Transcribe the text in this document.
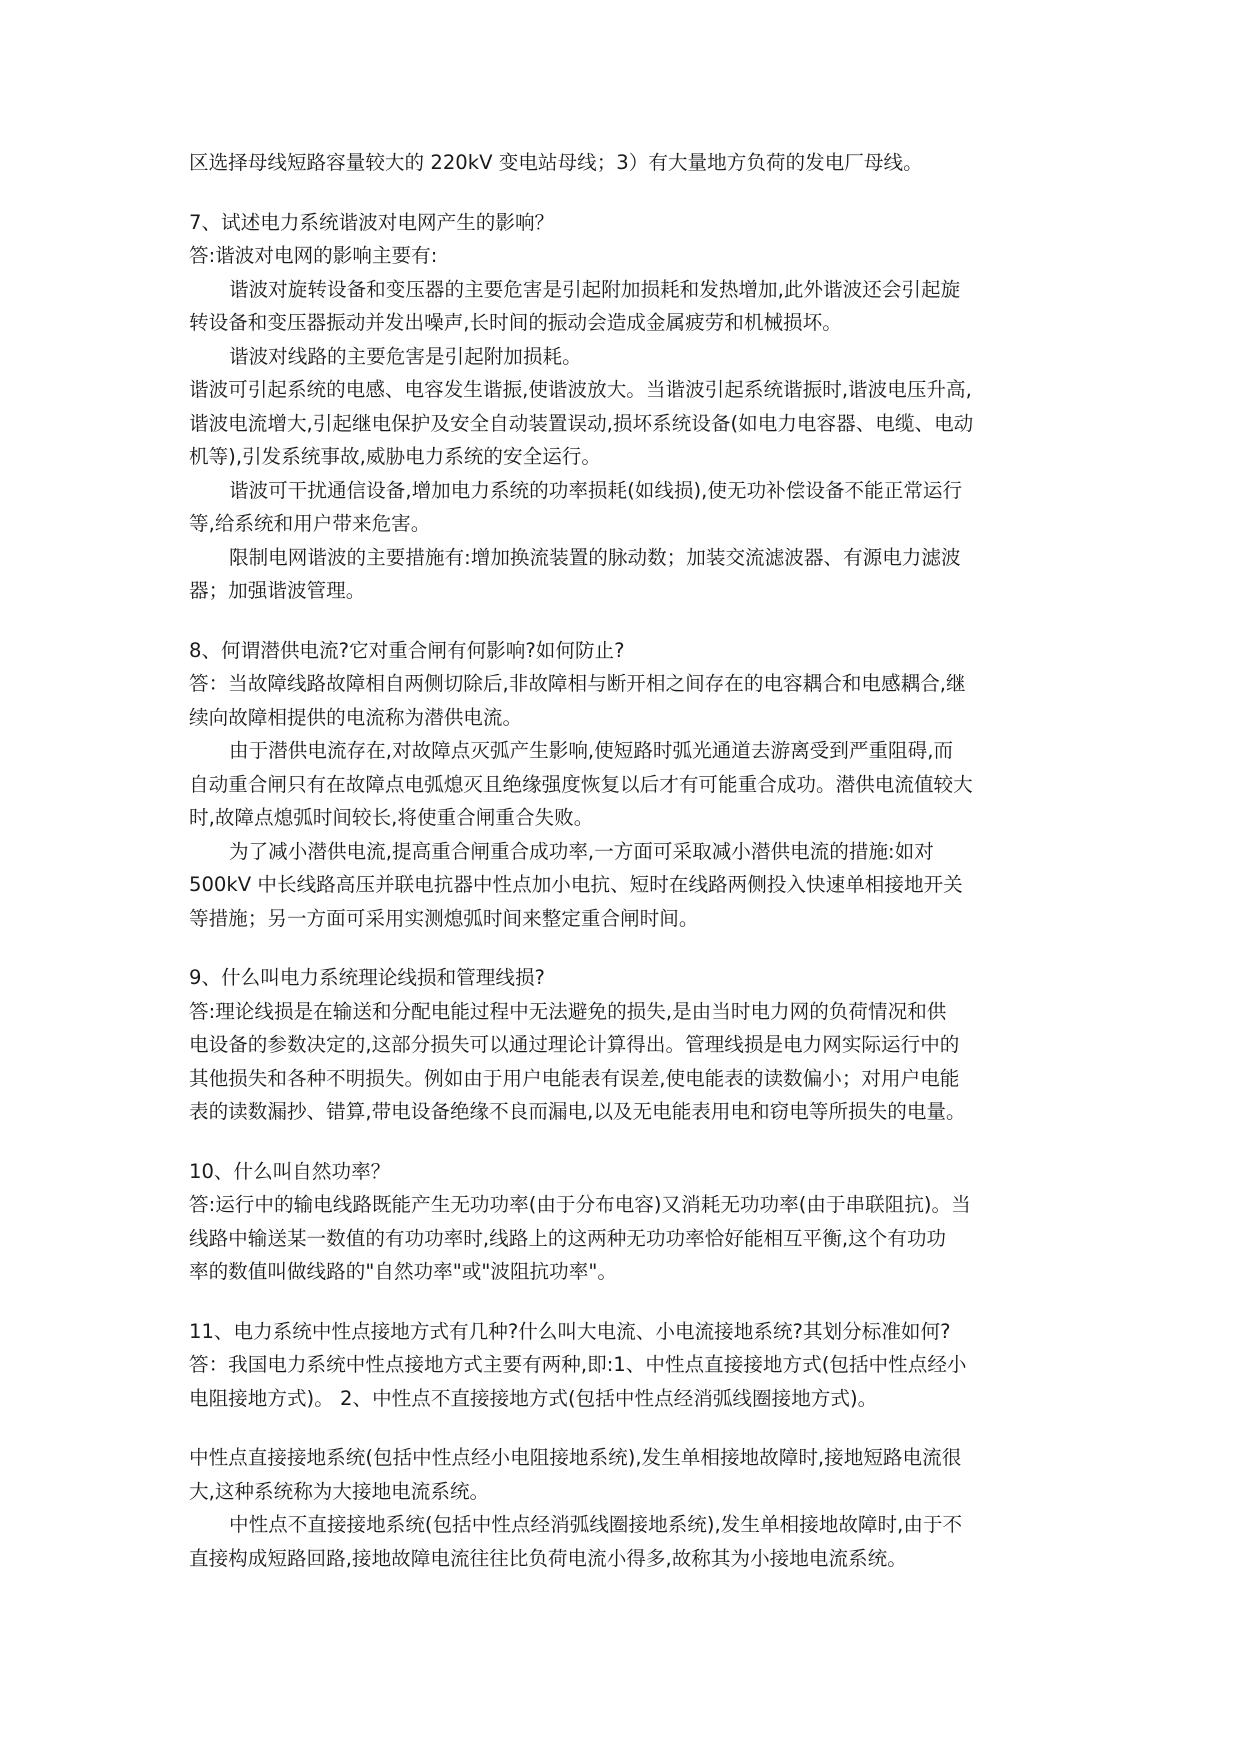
区选择母线短路容量较大的 220kV 变电站母线；3）有大量地方负荷的发电厂母线。
7、试述电力系统谐波对电网产生的影响？
答:谐波对电网的影响主要有:
谐波对旋转设备和变压器的主要危害是引起附加损耗和发热增加,此外谐波还会引起旋
转设备和变压器振动并发出噪声,长时间的振动会造成金属疲劳和机械损坏。
谐波对线路的主要危害是引起附加损耗。
谐波可引起系统的电感、电容发生谐振,使谐波放大。当谐波引起系统谐振时,谐波电压升高,
谐波电流增大,引起继电保护及安全自动装置误动,损坏系统设备(如电力电容器、电缆、电动
机等),引发系统事故,威胁电力系统的安全运行。
谐波可干扰通信设备,增加电力系统的功率损耗(如线损),使无功补偿设备不能正常运行
等,给系统和用户带来危害。
限制电网谐波的主要措施有:增加换流装置的脉动数；加装交流滤波器、有源电力滤波
器；加强谐波管理。
8、何谓潜供电流?它对重合闸有何影响?如何防止?
答：当故障线路故障相自两侧切除后,非故障相与断开相之间存在的电容耦合和电感耦合,继
续向故障相提供的电流称为潜供电流。
由于潜供电流存在,对故障点灭弧产生影响,使短路时弧光通道去游离受到严重阻碍,而
自动重合闸只有在故障点电弧熄灭且绝缘强度恢复以后才有可能重合成功。潜供电流值较大
时,故障点熄弧时间较长,将使重合闸重合失败。
为了减小潜供电流,提高重合闸重合成功率,一方面可采取减小潜供电流的措施:如对
500kV 中长线路高压并联电抗器中性点加小电抗、短时在线路两侧投入快速单相接地开关
等措施；另一方面可采用实测熄弧时间来整定重合闸时间。
9、什么叫电力系统理论线损和管理线损?
答:理论线损是在输送和分配电能过程中无法避免的损失,是由当时电力网的负荷情况和供
电设备的参数决定的,这部分损失可以通过理论计算得出。管理线损是电力网实际运行中的
其他损失和各种不明损失。例如由于用户电能表有误差,使电能表的读数偏小；对用户电能
表的读数漏抄、错算,带电设备绝缘不良而漏电,以及无电能表用电和窃电等所损失的电量。
10、什么叫自然功率？
答:运行中的输电线路既能产生无功功率(由于分布电容)又消耗无功功率(由于串联阻抗)。当
线路中输送某一数值的有功功率时,线路上的这两种无功功率恰好能相互平衡,这个有功功
率的数值叫做线路的"自然功率"或"波阻抗功率"。
11、电力系统中性点接地方式有几种?什么叫大电流、小电流接地系统?其划分标准如何?
答：我国电力系统中性点接地方式主要有两种,即:1、中性点直接接地方式(包括中性点经小
电阻接地方式)。 2、中性点不直接接地方式(包括中性点经消弧线圈接地方式)。
中性点直接接地系统(包括中性点经小电阻接地系统),发生单相接地故障时,接地短路电流很
大,这种系统称为大接地电流系统。
中性点不直接接地系统(包括中性点经消弧线圈接地系统),发生单相接地故障时,由于不
直接构成短路回路,接地故障电流往往比负荷电流小得多,故称其为小接地电流系统。
